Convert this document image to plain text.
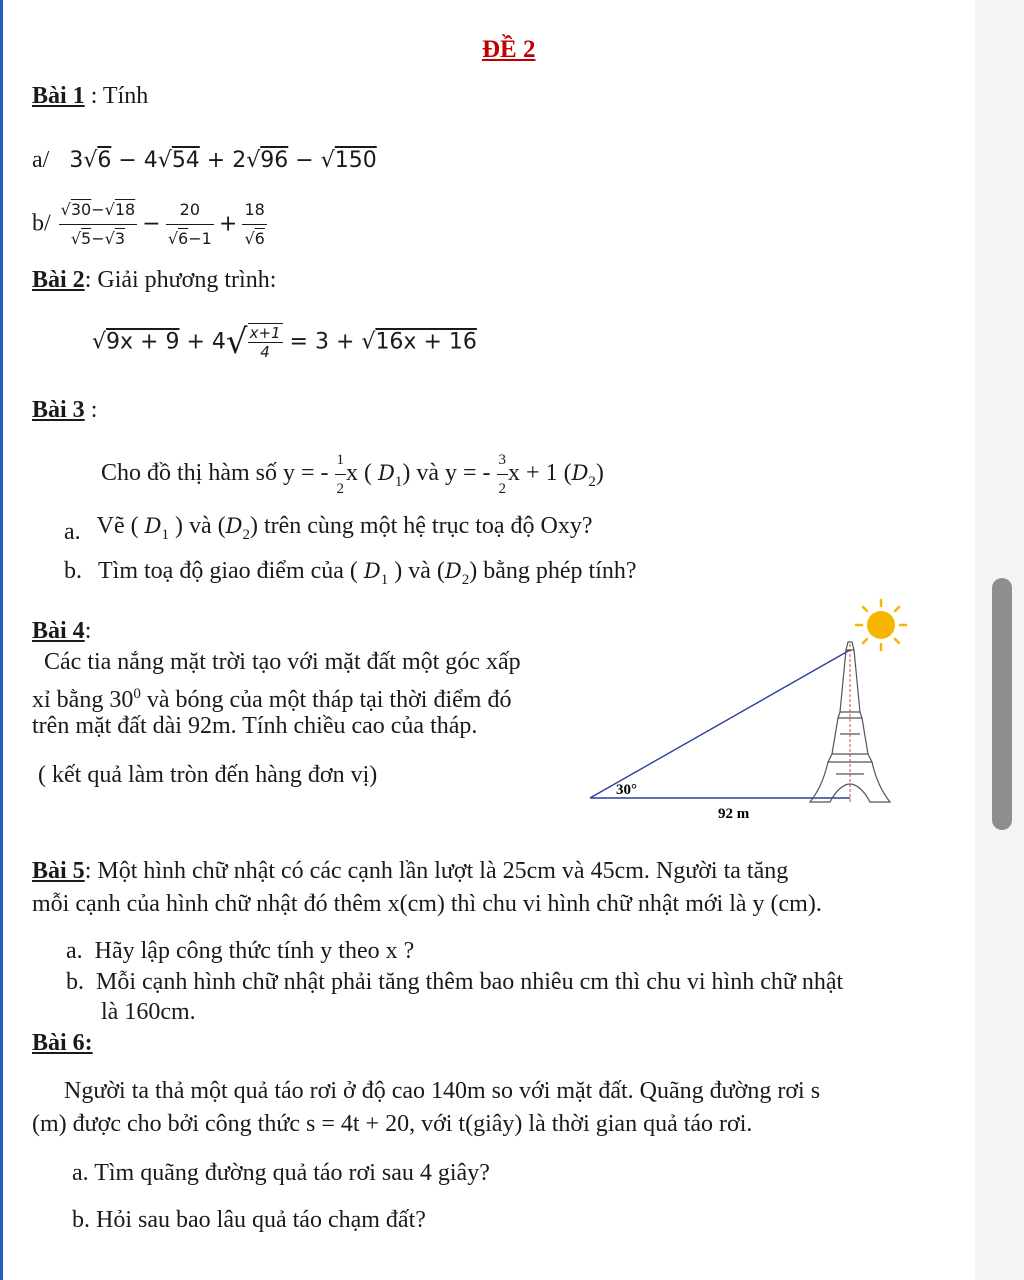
ĐỀ 2
Bài 1 : Tính
a/ 3√6 − 4√54 + 2√96 − √150
$b/ \frac{√30-√18}{√5-√3} - \frac{20}{√6-1} + \frac{18}{√6}$
Bài 2: Giải phương trình:
$√9x + 9 + 4√ \frac{x+1}{4} = 3 + √16x + 16$
Bài 3 :
Cho đồ thị hàm số y = - $\frac{1}{2}$ x ( $D_1$) và y = - $\frac{3}{2}$ x + 1 $(D_2)$
a. Vẽ ( $D_1$ ) và $(D_2)$ trên cùng một hệ trục toạ độ Oxy?
b. Tìm toạ độ giao điểm của ( $D_1$ ) và $(D_2)$ bằng phép tính?
Bài 4:
Các tia nắng mặt trời tạo với mặt đất một góc xấp
xỉ bằng $30^0$ và bóng của một tháp tại thời điểm đó
trên mặt đất dài 92m. Tính chiều cao của tháp.
( kết quả làm tròn đến hàng đơn vị)
30°
92 m
Bài 5: Một hình chữ nhật có các cạnh lần lượt là 25cm và 45cm. Người ta tăng
mỗi cạnh của hình chữ nhật đó thêm x(cm) thì chu vi hình chữ nhật mới là y (cm).
a. Hãy lập công thức tính y theo x ?
b. Mỗi cạnh hình chữ nhật phải tăng thêm bao nhiêu cm thì chu vi hình chữ nhật
là 160cm.
Bài 6:
Người ta thả một quả táo rơi ở độ cao 140m so với mặt đất. Quãng đường rơi s
(m) được cho bởi công thức s = 4t + 20, với t(giây) là thời gian quả táo rơi.
a. Tìm quãng đường quả táo rơi sau 4 giây?
b. Hỏi sau bao lâu quả táo chạm đất?
